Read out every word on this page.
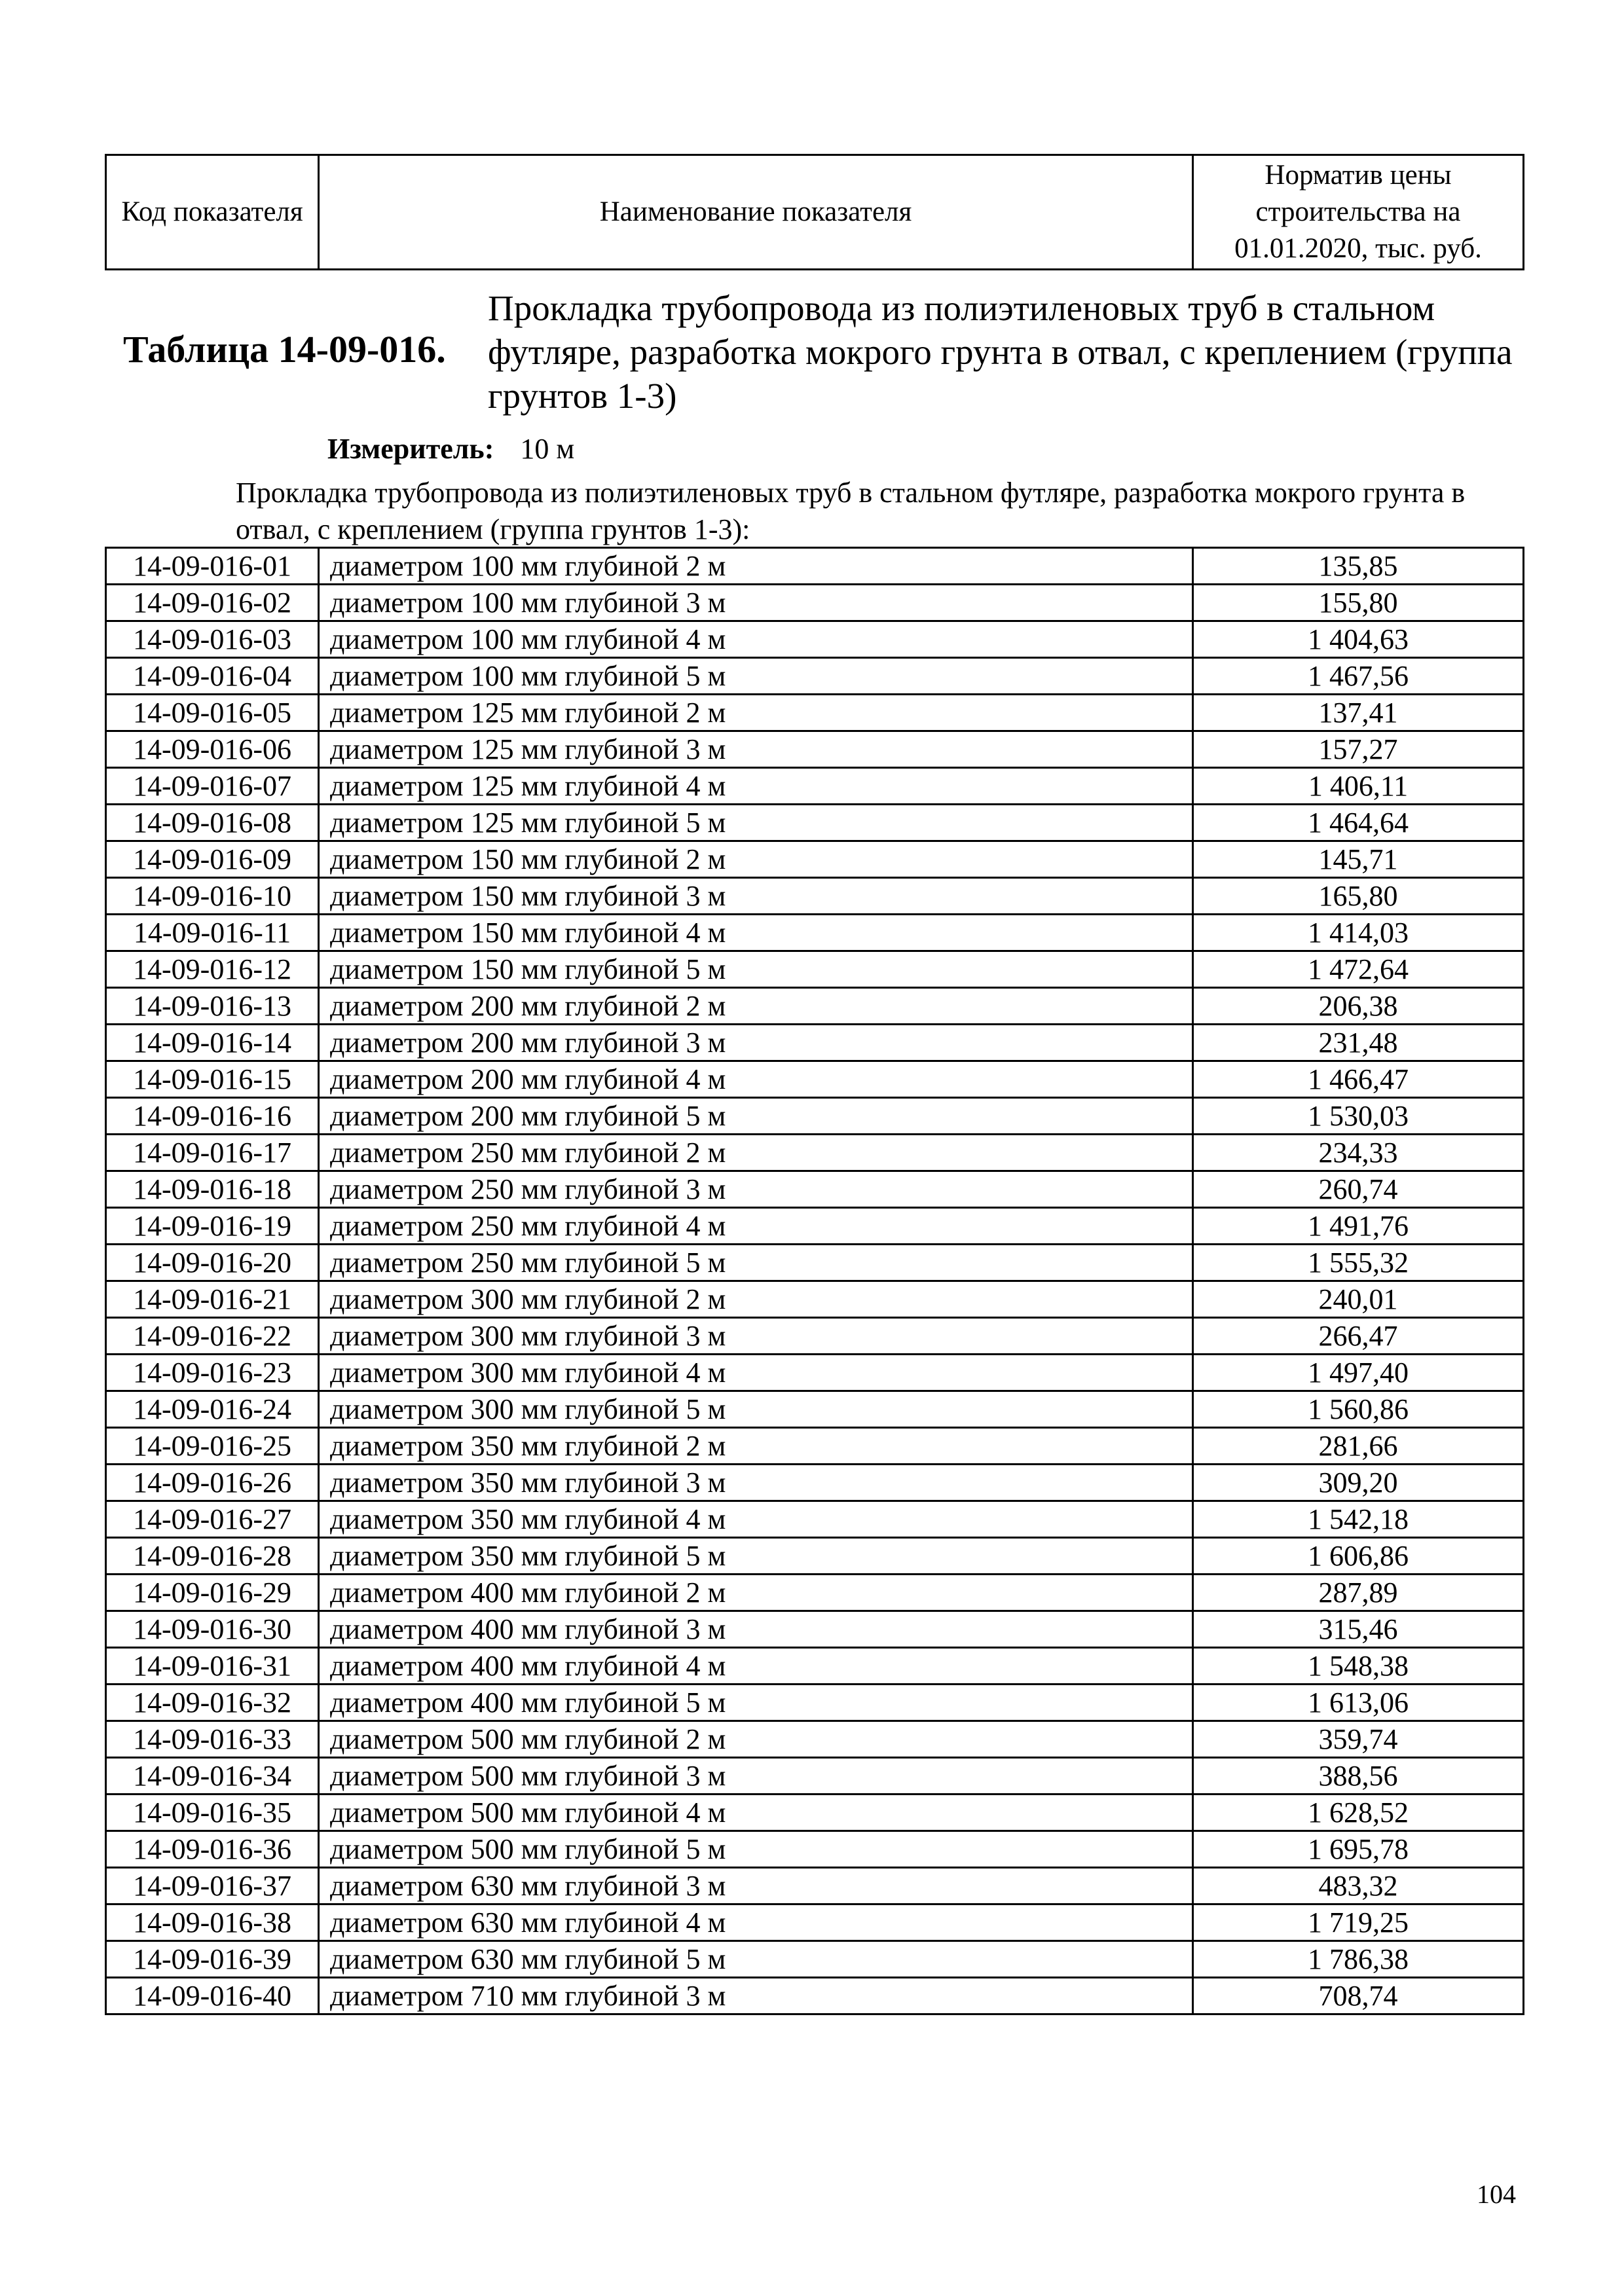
Код показателя	Наименование показателя	Норматив цены строительства на 01.01.2020, тыс. руб.
Таблица 14-09-016.
Прокладка трубопровода из полиэтиленовых труб в стальном футляре, разработка мокрого грунта в отвал, с креплением (группа грунтов 1-3)
Измеритель: 10 м
Прокладка трубопровода из полиэтиленовых труб в стальном футляре, разработка мокрого грунта в отвал, с креплением (группа грунтов 1-3):
14-09-016-01	диаметром 100 мм глубиной 2 м	135,85
14-09-016-02	диаметром 100 мм глубиной 3 м	155,80
14-09-016-03	диаметром 100 мм глубиной 4 м	1 404,63
14-09-016-04	диаметром 100 мм глубиной 5 м	1 467,56
14-09-016-05	диаметром 125 мм глубиной 2 м	137,41
14-09-016-06	диаметром 125 мм глубиной 3 м	157,27
14-09-016-07	диаметром 125 мм глубиной 4 м	1 406,11
14-09-016-08	диаметром 125 мм глубиной 5 м	1 464,64
14-09-016-09	диаметром 150 мм глубиной 2 м	145,71
14-09-016-10	диаметром 150 мм глубиной 3 м	165,80
14-09-016-11	диаметром 150 мм глубиной 4 м	1 414,03
14-09-016-12	диаметром 150 мм глубиной 5 м	1 472,64
14-09-016-13	диаметром 200 мм глубиной 2 м	206,38
14-09-016-14	диаметром 200 мм глубиной 3 м	231,48
14-09-016-15	диаметром 200 мм глубиной 4 м	1 466,47
14-09-016-16	диаметром 200 мм глубиной 5 м	1 530,03
14-09-016-17	диаметром 250 мм глубиной 2 м	234,33
14-09-016-18	диаметром 250 мм глубиной 3 м	260,74
14-09-016-19	диаметром 250 мм глубиной 4 м	1 491,76
14-09-016-20	диаметром 250 мм глубиной 5 м	1 555,32
14-09-016-21	диаметром 300 мм глубиной 2 м	240,01
14-09-016-22	диаметром 300 мм глубиной 3 м	266,47
14-09-016-23	диаметром 300 мм глубиной 4 м	1 497,40
14-09-016-24	диаметром 300 мм глубиной 5 м	1 560,86
14-09-016-25	диаметром 350 мм глубиной 2 м	281,66
14-09-016-26	диаметром 350 мм глубиной 3 м	309,20
14-09-016-27	диаметром 350 мм глубиной 4 м	1 542,18
14-09-016-28	диаметром 350 мм глубиной 5 м	1 606,86
14-09-016-29	диаметром 400 мм глубиной 2 м	287,89
14-09-016-30	диаметром 400 мм глубиной 3 м	315,46
14-09-016-31	диаметром 400 мм глубиной 4 м	1 548,38
14-09-016-32	диаметром 400 мм глубиной 5 м	1 613,06
14-09-016-33	диаметром 500 мм глубиной 2 м	359,74
14-09-016-34	диаметром 500 мм глубиной 3 м	388,56
14-09-016-35	диаметром 500 мм глубиной 4 м	1 628,52
14-09-016-36	диаметром 500 мм глубиной 5 м	1 695,78
14-09-016-37	диаметром 630 мм глубиной 3 м	483,32
14-09-016-38	диаметром 630 мм глубиной 4 м	1 719,25
14-09-016-39	диаметром 630 мм глубиной 5 м	1 786,38
14-09-016-40	диаметром 710 мм глубиной 3 м	708,74
104
